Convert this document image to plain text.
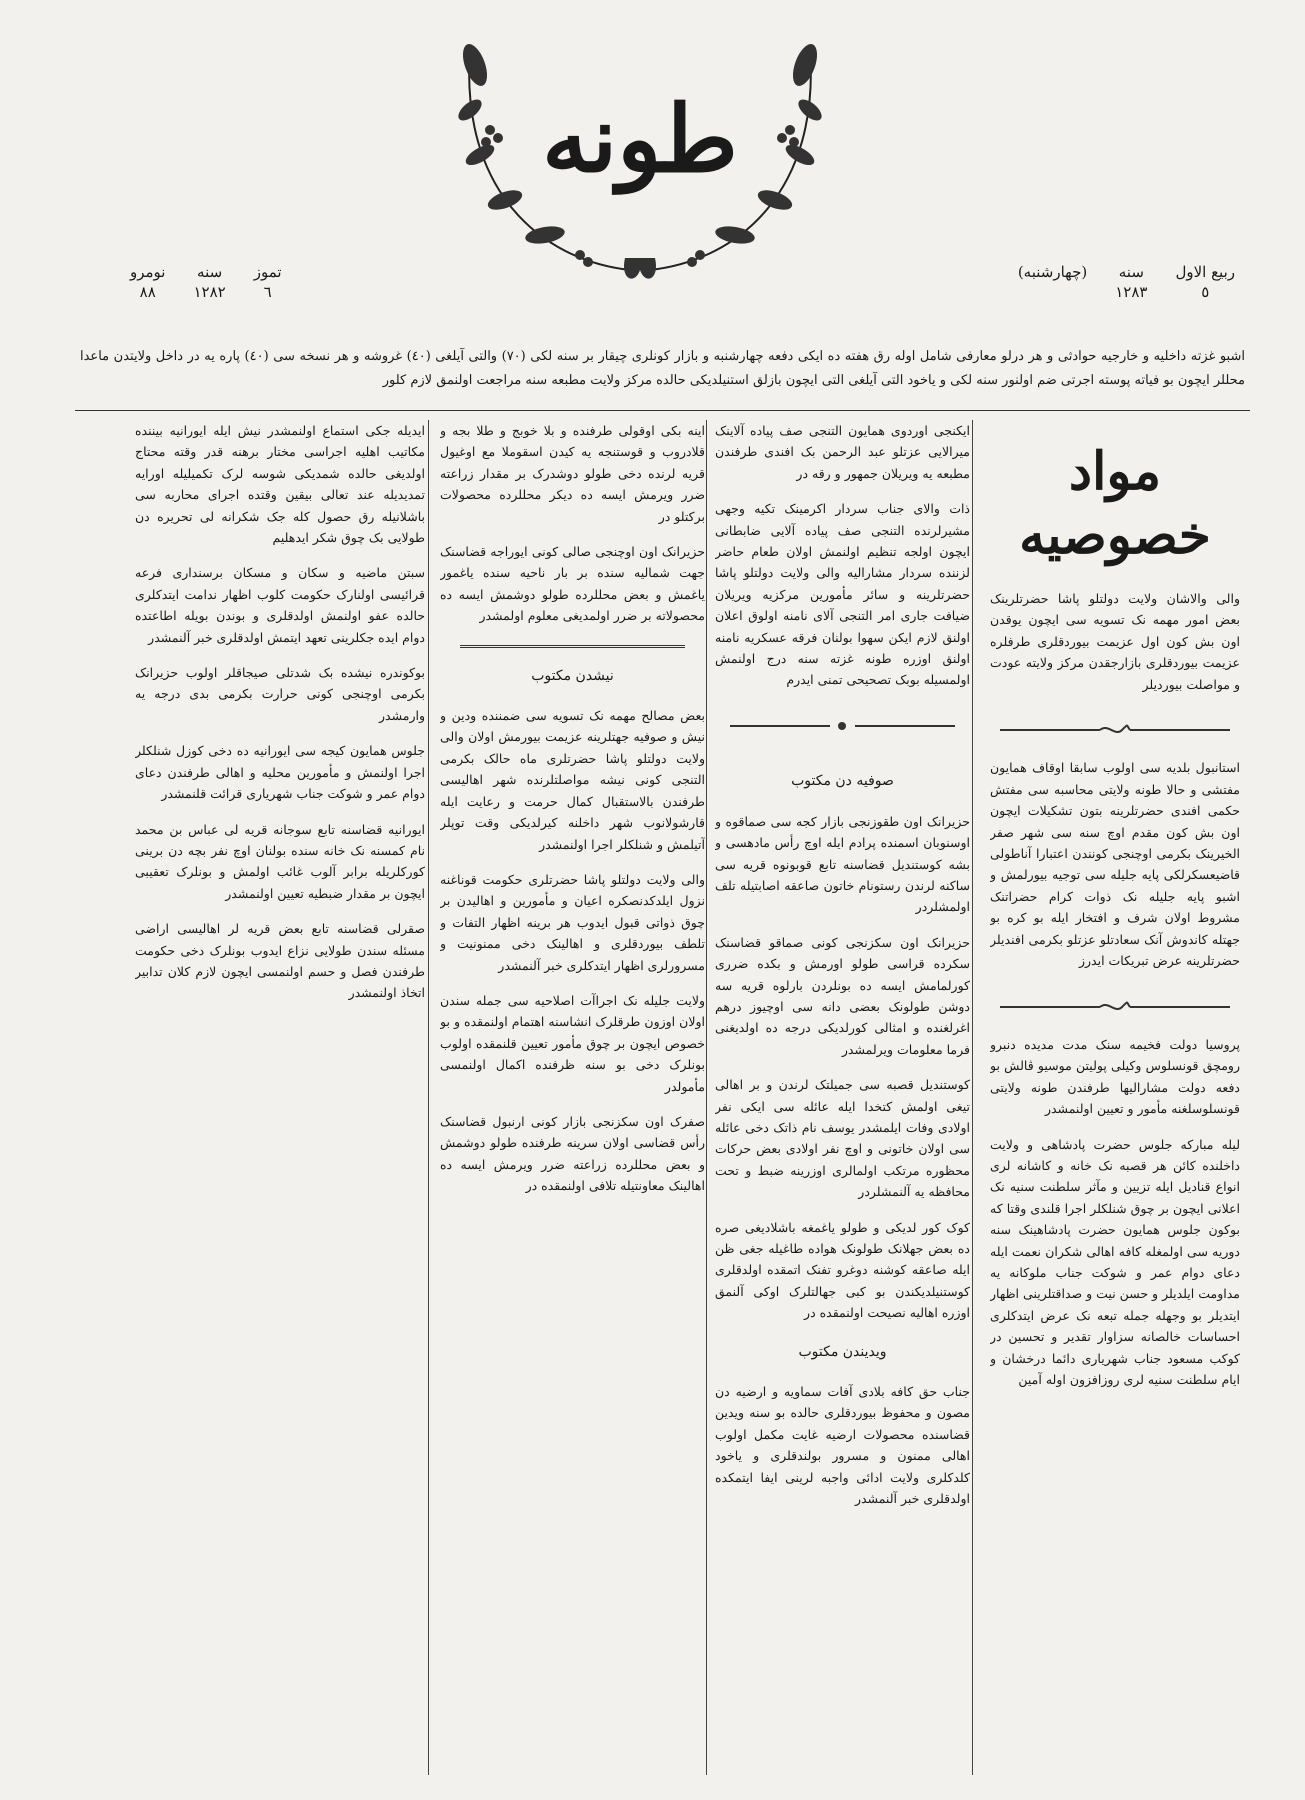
طونه
ربیع الاول
٥
سنه
١٢٨٣
(چهارشنبه)
تموز
٦
سنه
١٢٨٢
نومرو
٨٨
اشبو غزته داخلیه و خارجیه حوادثی و هر درلو معارفی شامل اوله رق هفته ده ایکی دفعه چهارشنبه و بازار کونلری چیقار بر سنه لکی (٧٠) والتی آیلغی (٤٠) غروشه و هر نسخه سی (٤٠) پاره یه در داخل ولایتدن ماعدا محللر ایچون بو فیاته پوسته اجرتی ضم اولنور سنه لکی و یاخود التی آیلغی التی ایچون بازلق استنیلدیکی حالده مرکز ولایت مطبعه سنه مراجعت اولنمق لازم کلور
مواد خصوصیه

والی والاشان ولایت دولتلو پاشا حضرتلرینک بعض امور مهمه نک تسویه سی ایچون یوقدن اون بش کون اول عزیمت بیوردقلری طرفلره عزیمت بیوردقلری بازارجقدن مرکز ولایته عودت و مواصلت بیوردیلر

استانبول بلدیه سی اولوب سابقا اوقاف همایون مفتشی و حالا طونه ولایتی محاسبه سی مفتش حکمی افندی حضرتلرینه بتون تشکیلات ایچون اون بش کون مقدم اوچ سنه سی شهر صفر الخیرینک بکرمی اوچنجی کونندن اعتبارا آناطولی قاضیعسکرلکی پایه جلیله سی توجیه بیورلمش و اشبو پایه جلیله نک ذوات کرام حضراتنک مشروط اولان شرف و افتخار ایله بو کره بو جهتله کاندوش آنک سعادتلو عزتلو بکرمی افندیلر حضرتلرینه عرض تبریکات ایدرز

پروسیا دولت فخیمه سنک مدت مدیده دنبرو رومچق قونسلوس وکیلی پولیتن موسیو ڤالش بو دفعه دولت مشارالیها طرفندن طونه ولایتی قونسلوسلغنه مأمور و تعیین اولنمشدر

لیله مبارکه جلوس حضرت پادشاهی و ولایت داخلنده کائن هر قصبه نک خانه و کاشانه لری انواع قنادیل ایله تزیین و مآثر سلطنت سنیه نک اعلانی ایچون بر چوق شنلکلر اجرا قلندی وقتا که بوکون جلوس همایون حضرت پادشاهینک سنه دوریه سی اولمغله کافه اهالی شکران نعمت ایله دعای دوام عمر و شوکت جناب ملوکانه یه مداومت ایلدیلر و حسن نیت و صداقتلرینی اظهار ایتدیلر بو وجهله جمله تبعه نک عرض ایتدکلری احساسات خالصانه سزاوار تقدیر و تحسین در کوکب مسعود جناب شهریاری دائما درخشان و ایام سلطنت سنیه لری روزافزون اوله آمین

ایکنجی اوردوی همایون التنجی صف پیاده آلاینک میرالایی عزتلو عبد الرحمن بک افندی طرفندن مطبعه یه ویریلان جمهور و رقه در

ذات والای جناب سردار اکرمینک تکیه وجهی مشیرلرنده التنجی صف پیاده آلایی ضابطانی ایچون اولجه تنظیم اولنمش اولان طعام حاضر لزننده سردار مشارالیه والی ولایت دولتلو پاشا حضرتلرینه و سائر مأمورین مرکزیه ویریلان ضیافت جاری امر التنجی آلای نامنه اولوق اعلان اولنق لازم ایکن سهوا بولنان فرقه عسکریه نامنه اولنق اوزره طونه غزته سنه درج اولنمش اولمسیله بوبک تصحیحی تمنی ایدرم

صوفیه دن مکتوب

حزیرانک اون طقوزنجی بازار کجه سی صماقوه و اوسنوبان اسمنده پرادم ایله اوچ رأس مادهسی و بشه کوستندیل قضاسنه تابع قوبونوه قریه سی ساکنه لرندن رستونام خاتون صاعقه اصابتیله تلف اولمشلردر

حزیرانک اون سکزنجی کونی صماقو قضاسنک سکرده قراسی طولو اورمش و بکده ضرری کورلمامش ایسه ده بونلردن بارلوه قریه سه دوشن طولونک بعضی دانه سی اوچیوز درهم اغرلغنده و امثالی کورلدیکی درجه ده اولدیغنی فرما معلومات ویرلمشدر

کوستندیل قصبه سی جمیلتک لرندن و بر اهالی تیغی اولمش کتخدا ایله عائله سی ایکی نفر اولادی وفات ایلمشدر یوسف نام ذاتک دخی عائله سی اولان خاتونی و اوچ نفر اولادی بعض حرکات محظوره مرتکب اولمالری اوزرینه ضبط و تحت محافظه یه آلنمشلردر

کوک کور لدیکی و طولو یاغمغه باشلادیغی صره ده بعض جهلانک طولونک هواده طاغیله جغی ظن ایله صاعقه کوشنه دوغرو تفنک اتمقده اولدقلری کوستنیلدیکندن بو کبی جهالتلرک اوکی آلنمق اوزره اهالیه نصیحت اولنمقده در

ویدیندن مکتوب

جناب حق کافه بلادی آفات سماویه و ارضیه دن مصون و محفوظ بیوردقلری حالده بو سنه ویدین قضاسنده محصولات ارضیه غایت مکمل اولوب اهالی ممنون و مسرور بولندقلری و یاخود کلدکلری ولایت ادائی واجبه لرینی ایفا ایتمکده اولدقلری خبر آلنمشدر

اینه بکی اوقولی طرفنده و بلا خوبج و طلا بجه و قلادروب و قوستنجه یه کیدن اسقوملا مع اوغیول قریه لرنده دخی طولو دوشدرک بر مقدار زراعته ضرر ویرمش ایسه ده دیکر محللرده محصولات برکتلو در

حزیرانک اون اوچنجی صالی کونی ایوراجه قضاسنک جهت شمالیه سنده بر بار ناحیه سنده یاغمور یاغمش و بعض محللرده طولو دوشمش ایسه ده محصولاته بر ضرر اولمدیغی معلوم اولمشدر

نیشدن مکتوب

بعض مصالح مهمه نک تسویه سی ضمننده ودین و نیش و صوفیه جهتلرینه عزیمت بیورمش اولان والی ولایت دولتلو پاشا حضرتلری ماه حالک بکرمی التنجی کونی نیشه مواصلتلرنده شهر اهالیسی طرفندن بالاستقبال کمال حرمت و رعایت ایله قارشولانوب شهر داخلنه کیرلدیکی وقت توپلر آتیلمش و شنلکلر اجرا اولنمشدر

والی ولایت دولتلو پاشا حضرتلری حکومت قوناغنه نزول ایلدکدنصکره اعیان و مأمورین و اهالیدن بر چوق ذواتی قبول ایدوب هر برینه اظهار التفات و تلطف بیوردقلری و اهالینک دخی ممنونیت و مسرورلری اظهار ایتدکلری خبر آلنمشدر

ولایت جلیله نک اجراآت اصلاحیه سی جمله سندن اولان اوزون طرقلرک انشاسنه اهتمام اولنمقده و بو خصوص ایچون بر چوق مأمور تعیین قلنمقده اولوب بونلرک دخی بو سنه ظرفنده اکمال اولنمسی مأمولدر

صفرک اون سکزنجی بازار کونی ارنبول قضاسنک رأس قضاسی اولان سرینه طرفنده طولو دوشمش و بعض محللرده زراعته ضرر ویرمش ایسه ده اهالینک معاونتیله تلافی اولنمقده در

ایدیله جکی استماع اولنمشدر نیش ایله ایورانیه بیننده مکاتیب اهلیه اجراسی مختار برهنه قدر وقته محتاج اولدیغی حالده شمدیکی شوسه لرک تکمیلیله اورایه تمدیدیله عند تعالی بیقین وقتده اجرای محاربه سی باشلانیله رق حصول کله جک شکرانه لی تحریره دن طولایی بک چوق شکر ایدهلیم

سبتن ماضیه و سکان و مسکان برسنداری فرعه قرائیسی اولنارک حکومت کلوب اظهار ندامت ایتدکلری حالده عفو اولنمش اولدقلری و بوندن بویله اطاعتده دوام ایده جکلرینی تعهد ایتمش اولدقلری خبر آلنمشدر

بوکوندره نیشده بک شدتلی صیجاقلر اولوب حزیرانک بکرمی اوچنجی کونی حرارت بکرمی بدی درجه یه وارمشدر

جلوس همایون کیجه سی ایورانیه ده دخی کوزل شنلکلر اجرا اولنمش و مأمورین محلیه و اهالی طرفندن دعای دوام عمر و شوکت جناب شهریاری قرائت قلنمشدر

ایورانیه قضاسنه تابع سوجانه قریه لی عباس بن محمد نام کمسنه نک خانه سنده بولنان اوچ نفر بچه دن برینی کورکلریله برابر آلوب غائب اولمش و بونلرک تعقیبی ایچون بر مقدار ضبطیه تعیین اولنمشدر

صقرلی قضاسنه تابع بعض قریه لر اهالیسی اراضی مسئله سندن طولایی نزاع ایدوب بونلرک دخی حکومت طرفندن فصل و حسم اولنمسی ایچون لازم کلان تدابیر اتخاذ اولنمشدر
